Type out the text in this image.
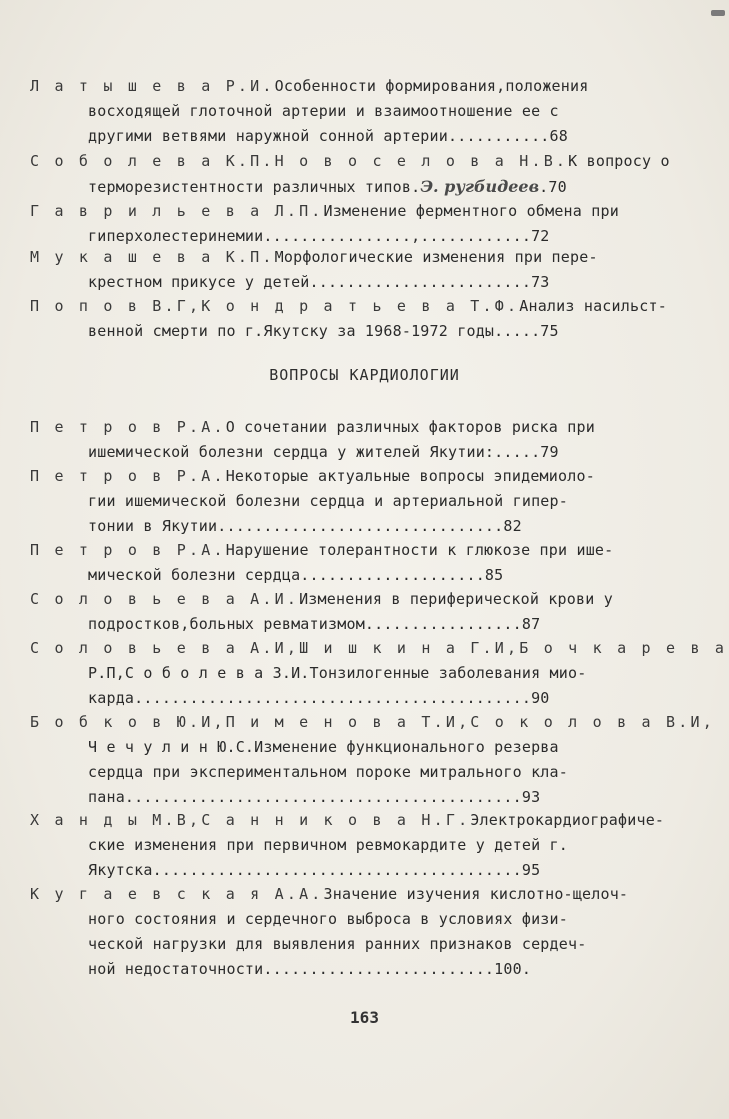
Л а т ы ш е в а Р.И.Особенности формирования,положения
восходящей глоточной артерии и взаимоотношение ее с
другими ветвями наружной сонной артерии...........68
С о б о л е в а К.П.Н о в о с е л о в а Н.В.К вопросу о
терморезистентности различных типов.Э. ругбидеев.70
Г а в р и л ь е в а Л.П.Изменение ферментного обмена при
гиперхолестеринемии................,............72
М у к а ш е в а К.П.Морфологические изменения при пере-
крестном прикусе у детей........................73
П о п о в В.Г,К о н д р а т ь е в а Т.Ф.Анализ насильст-
венной смерти по г.Якутску за 1968-1972 годы.....75
ВОПРОСЫ КАРДИОЛОГИИ
П е т р о в Р.А.О сочетании различных факторов риска при
ишемической болезни сердца у жителей Якутии:.....79
П е т р о в Р.А.Некоторые актуальные вопросы эпидемиоло-
гии ишемической болезни сердца и артериальной гипер-
тонии в Якутии...............................82
П е т р о в Р.А.Нарушение толерантности к глюкозе при ише-
мической болезни сердца....................85
С о л о в ь е в а А.И.Изменения в периферической крови у
подростков,больных ревматизмом.................87
С о л о в ь е в а А.И,Ш и ш к и н а Г.И,Б о ч к а р е в а
Р.П,С о б о л е в а З.И.Тонзилогенные заболевания мио-
карда...........................................90
Б о б к о в Ю.И,П и м е н о в а Т.И,С о к о л о в а В.И,
Ч е ч у л и н Ю.С.Изменение функционального резерва
сердца при экспериментальном пороке митрального кла-
пана...........................................93
Х а н д ы М.В,С а н н и к о в а Н.Г.Электрокардиографиче-
ские изменения при первичном ревмокардите у детей г.
Якутска........................................95
К у г а е в с к а я А.А.Значение изучения кислотно-щелоч-
ного состояния и сердечного выброса в условиях физи-
ческой нагрузки для выявления ранних признаков сердеч-
ной недостаточности.........................100.
163
